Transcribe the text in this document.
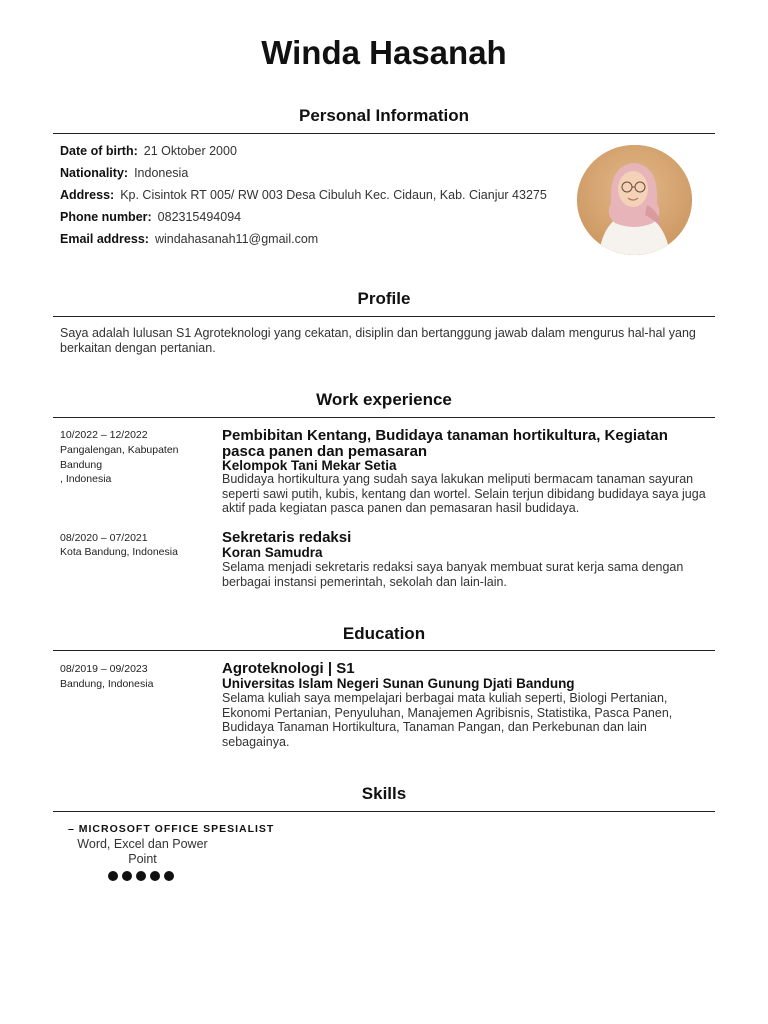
Winda Hasanah
Personal Information
Date of birth: 21 Oktober 2000
Nationality: Indonesia
Address: Kp. Cisintok RT 005/ RW 003 Desa Cibuluh Kec. Cidaun, Kab. Cianjur 43275
Phone number: 082315494094
Email address: windahasanah11@gmail.com
Profile
Saya adalah lulusan S1 Agroteknologi yang cekatan, disiplin dan bertanggung jawab dalam mengurus hal-hal yang berkaitan dengan pertanian.
Work experience
10/2022 – 12/2022
Pangalengan, Kabupaten Bandung
, Indonesia
Pembibitan Kentang, Budidaya tanaman hortikultura, Kegiatan pasca panen dan pemasaran
Kelompok Tani Mekar Setia
Budidaya hortikultura yang sudah saya lakukan meliputi bermacam tanaman sayuran seperti sawi putih, kubis, kentang dan wortel. Selain terjun dibidang budidaya saya juga aktif pada kegiatan pasca panen dan pemasaran hasil budidaya.
08/2020 – 07/2021
Kota Bandung, Indonesia
Sekretaris redaksi
Koran Samudra
Selama menjadi sekretaris redaksi saya banyak membuat surat kerja sama dengan berbagai instansi pemerintah, sekolah dan lain-lain.
Education
08/2019 – 09/2023
Bandung, Indonesia
Agroteknologi | S1
Universitas Islam Negeri Sunan Gunung Djati Bandung
Selama kuliah saya mempelajari berbagai mata kuliah seperti, Biologi Pertanian, Ekonomi Pertanian, Penyuluhan, Manajemen Agribisnis, Statistika, Pasca Panen, Budidaya Tanaman Hortikultura, Tanaman Pangan, dan Perkebunan dan lain sebagainya.
Skills
– MICROSOFT OFFICE SPESIALIST
Word, Excel dan Power Point
